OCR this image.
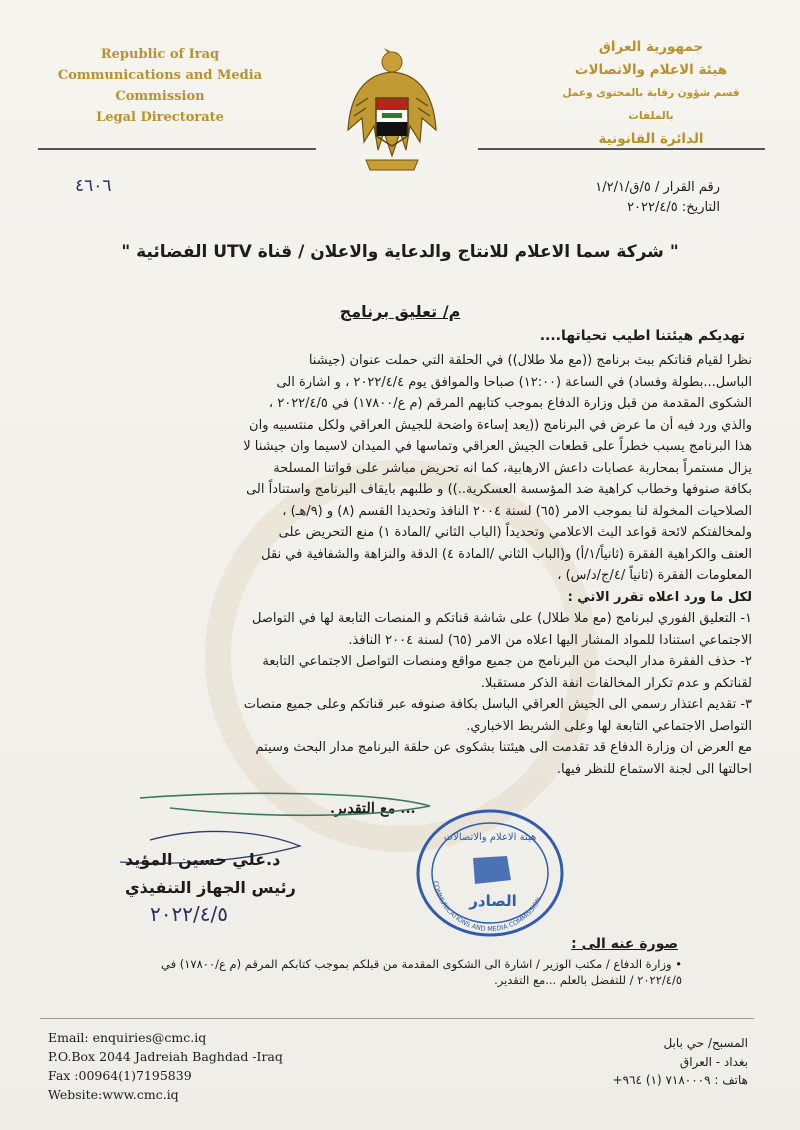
Republic of Iraq
Communications and Media
Commission
Legal Directorate
جمهورية العراق
هيئة الاعلام والاتصالات
قسم شؤون رقابة بالمحتوى وعمل بالملفات
الدائرة القانونية
رقم القرار / ٥/ق/١/٢/١
التاريخ: ٢٠٢٢/٤/٥
٤٦٠٦
" شركة سما الاعلام للانتاج والدعاية والاعلان / قناة UTV الفضائية "
م/ تعليق برنامج
تهديكم هيئتنا اطيب تحياتها....

نظرا لقيام قناتكم ببث برنامج ((مع ملا طلال)) في الحلقة التي حملت عنوان (جيشنا

الباسل...بطولة وفساد) في الساعة (١٢:٠٠) صباحا والموافق يوم ٢٠٢٢/٤/٤ ، و اشارة الى

الشكوى المقدمة من قبل وزارة الدفاع بموجب كتابهم المرقم (م ع/١٧٨٠٠) في ٢٠٢٢/٤/٥ ،

والذي ورد فيه أن ما عرض في البرنامج ((يعد إساءة واضحة للجيش العراقي ولكل منتسبيه وان

هذا البرنامج يسبب خطراً على قطعات الجيش العراقي وتماسها في الميدان لاسيما وان جيشنا لا

يزال مستمراً بمحاربة عصابات داعش الارهابية، كما انه تحريض مباشر على قواتنا المسلحة

بكافة صنوفها وخطاب كراهية ضد المؤسسة العسكرية..)) و طلبهم بايقاف البرنامج واستناداً الى

الصلاحيات المخولة لنا بموجب الامر (٦٥) لسنة ٢٠٠٤ النافذ وتحديدا القسم (٨) و (٩/هـ) ،

ولمخالفتكم لائحة قواعد البث الاعلامي وتحديداً (الباب الثاني /المادة ١) منع التحريض على

العنف والكراهية الفقرة (ثانياً/١/أ) و(الباب الثاني /المادة ٤) الدقة والنزاهة والشفافية في نقل

المعلومات الفقرة (ثانياً /٤/ج/د/س) ،

لكل ما ورد اعلاه تقرر الاتي :

١- التعليق الفوري لبرنامج (مع ملا طلال) على شاشة قناتكم و المنصات التابعة لها في التواصل

الاجتماعي استنادا للمواد المشار اليها اعلاه من الامر (٦٥) لسنة ٢٠٠٤ النافذ.

٢- حذف الفقرة مدار البحث من البرنامج من جميع مواقع ومنصات التواصل الاجتماعي التابعة

لقناتكم و عدم تكرار المخالفات انفة الذكر مستقبلا.

٣- تقديم اعتذار رسمي الى الجيش العراقي الباسل بكافة صنوفه عبر قناتكم وعلى جميع منصات

التواصل الاجتماعي التابعة لها وعلى الشريط الاخباري.

مع العرض ان وزارة الدفاع قد تقدمت الى هيئتنا بشكوى عن حلقة البرنامج مدار البحث وسيتم

احالتها الى لجنة الاستماع للنظر فيها.

... مع التقدير.
د.علي حسين المؤيد
رئيس الجهاز التنفيذي
٢٠٢٢/٤/٥
هيئة الاعلام والاتصالات
COMMUNICATIONS AND MEDIA COMMISSION
الصادر
صورة عنه الى :
• وزارة الدفاع / مكتب الوزير / اشارة الى الشكوى المقدمة من قبلكم بموجب كتابكم المرقم (م ع/١٧٨٠٠) في
٢٠٢٢/٤/٥ / للتفضل بالعلم ...مع التقدير.
Email: enquiries@cmc.iq
P.O.Box 2044 Jadreiah Baghdad -Iraq
Fax :00964(1)7195839
Website:www.cmc.iq
المسبح/ حي بابل
بغداد - العراق
هاتف : ٧١٨٠٠٠٩ (١) ٩٦٤+
